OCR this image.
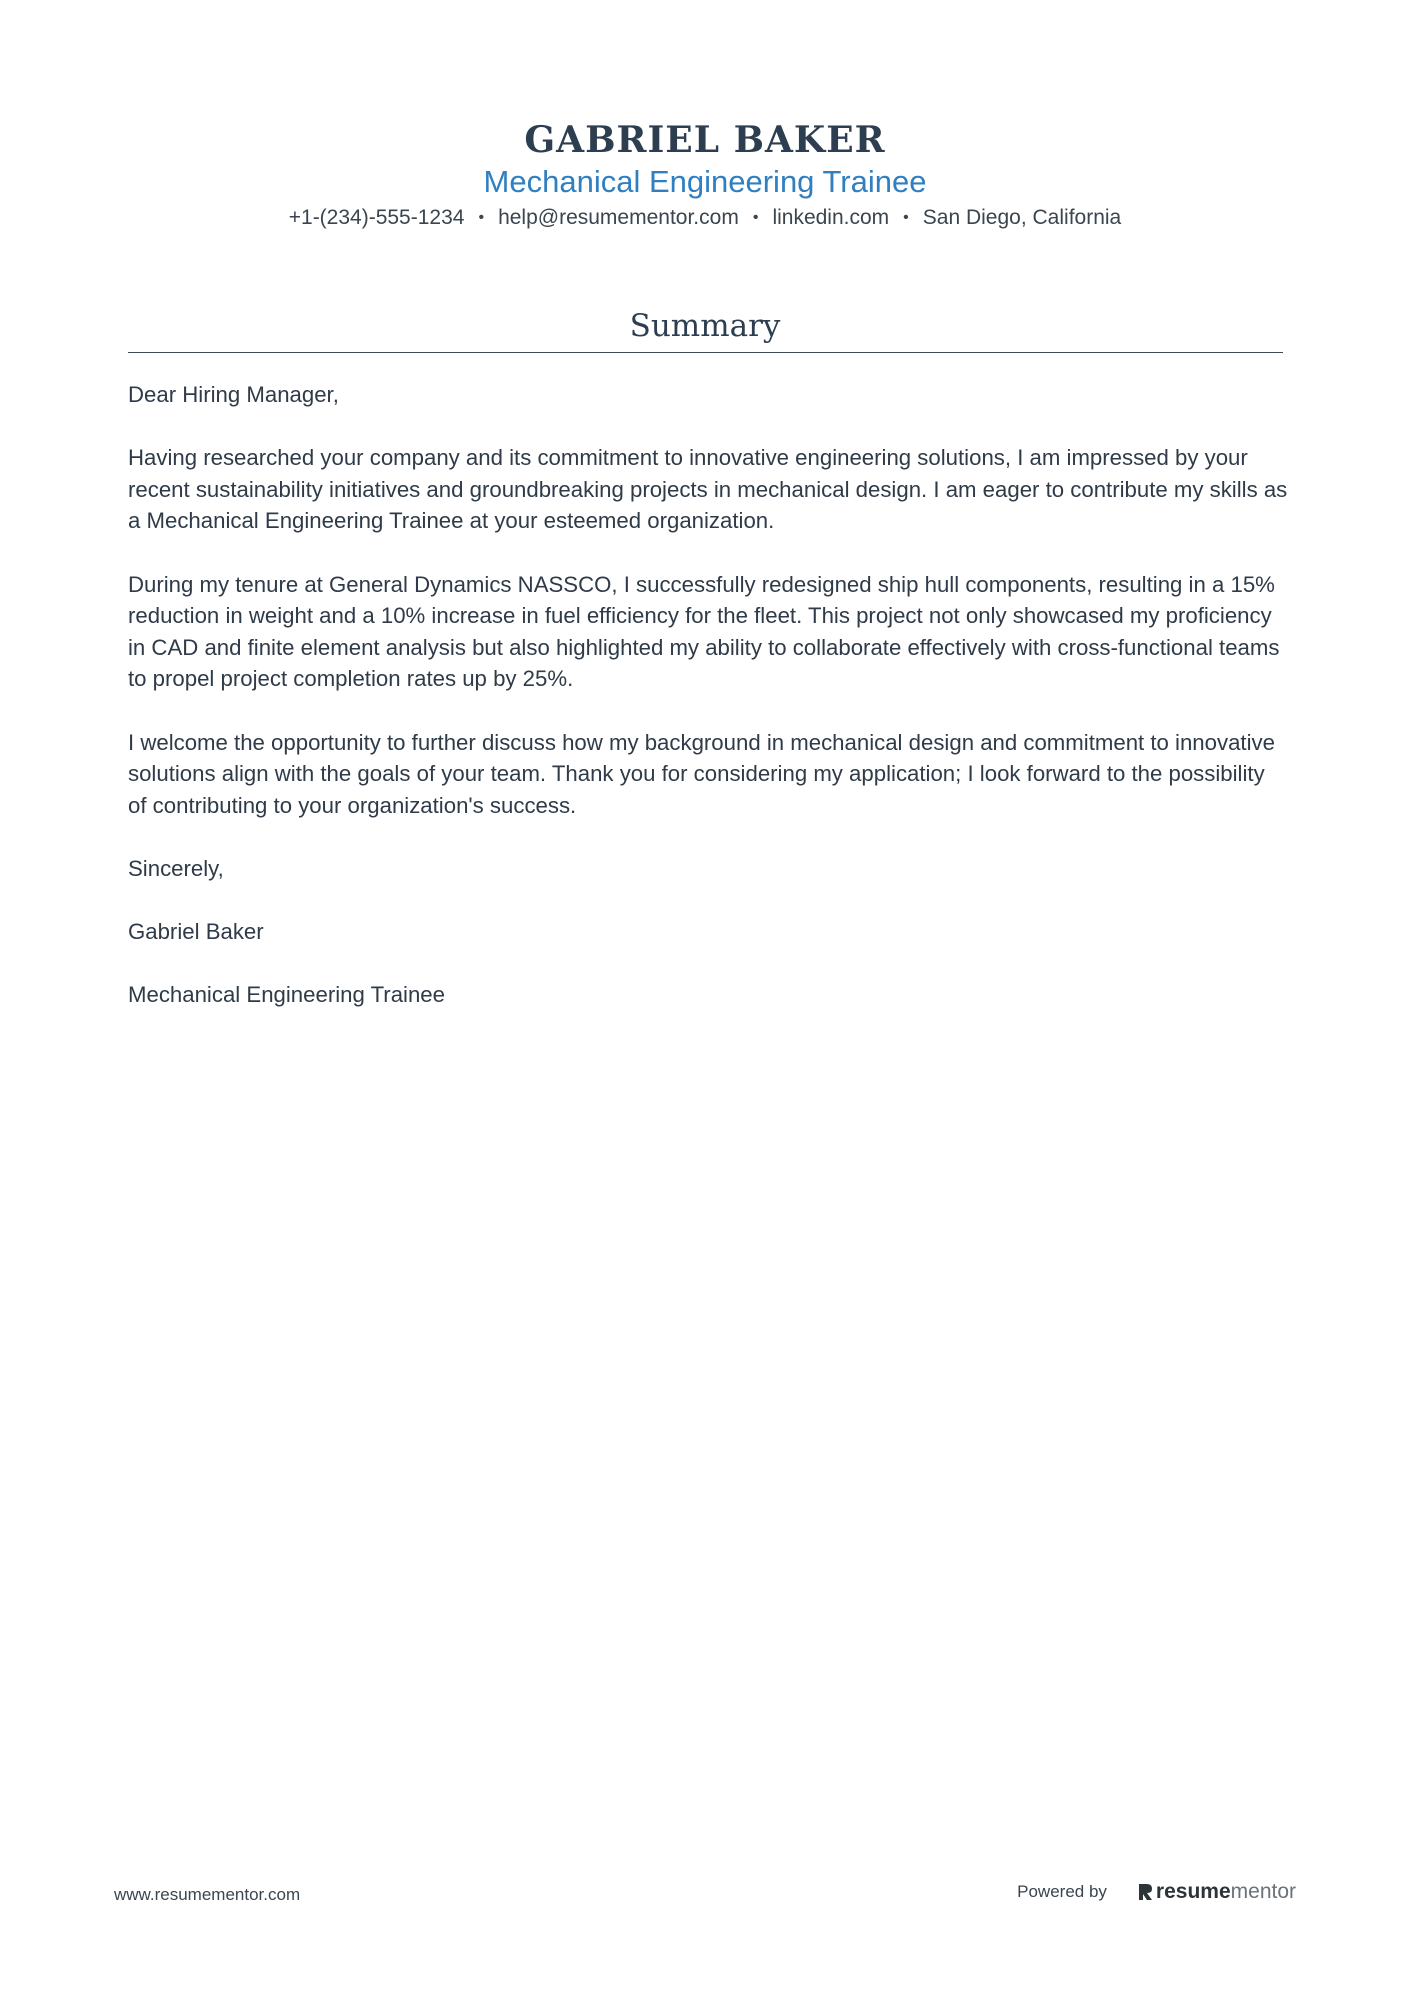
GABRIEL BAKER
Mechanical Engineering Trainee
+1-(234)-555-1234 • help@resumementor.com • linkedin.com • San Diego, California
Summary

Dear Hiring Manager,

Having researched your company and its commitment to innovative engineering solutions, I am impressed by your recent sustainability initiatives and groundbreaking projects in mechanical design. I am eager to contribute my skills as a Mechanical Engineering Trainee at your esteemed organization.

During my tenure at General Dynamics NASSCO, I successfully redesigned ship hull components, resulting in a 15% reduction in weight and a 10% increase in fuel efficiency for the fleet. This project not only showcased my proficiency in CAD and finite element analysis but also highlighted my ability to collaborate effectively with cross-functional teams to propel project completion rates up by 25%.

I welcome the opportunity to further discuss how my background in mechanical design and commitment to innovative solutions align with the goals of your team. Thank you for considering my application; I look forward to the possibility of contributing to your organization's success.

Sincerely,

Gabriel Baker

Mechanical Engineering Trainee

www.resumementor.com	Powered by resume mentor
